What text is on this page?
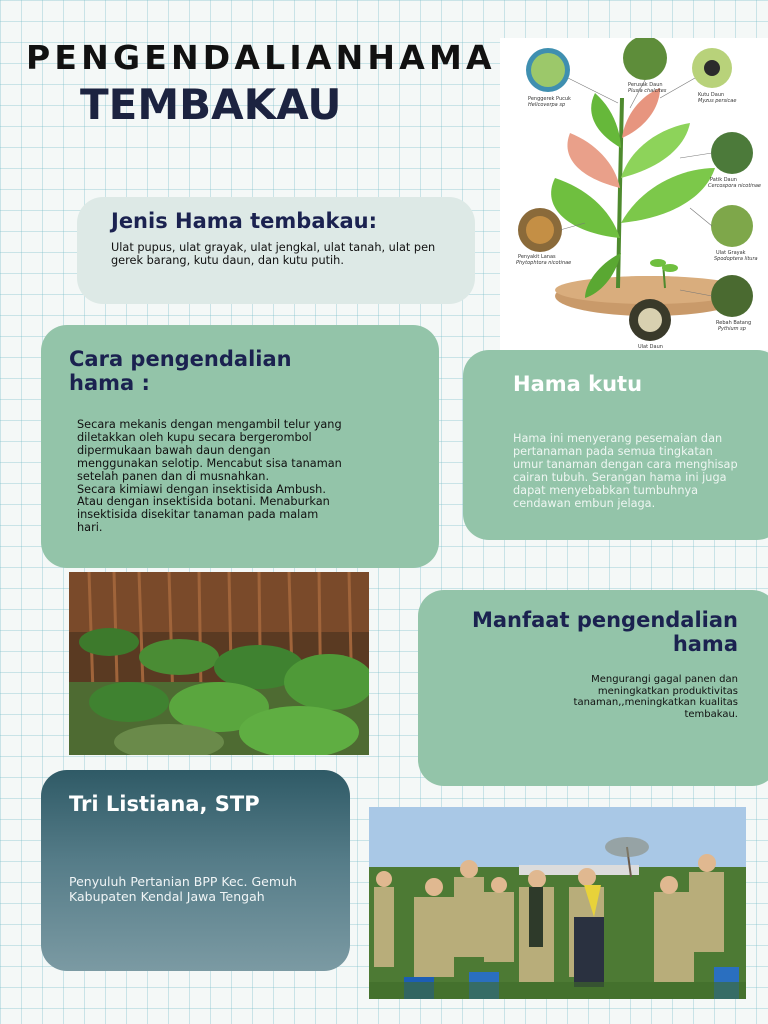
PENGENDALIANHAMA
TEMBAKAU	Penggerek Pucuk
Helicoverpa sp
Perusak Daun
Plusia chalcites
Kutu Daun
Myzus persicae
Patik Daun
Cercospora nicotinae
Penyakit Lanas
Phytophtora nicotinae
Ulat Grayak
Spodoptera litura
Rebah Batang
Pythium sp
Ulat Daun
Jenis Hama tembakau:
Ulat pupus, ulat grayak, ulat jengkal, ulat tanah, ulat pen gerek barang, kutu daun, dan kutu putih.
Cara pengendalian hama :
Secara mekanis dengan mengambil telur yang diletakkan oleh kupu secara bergerombol dipermukaan bawah daun dengan menggunakan selotip. Mencabut sisa tanaman setelah panen dan di musnahkan.
Secara kimiawi dengan insektisida Ambush. Atau dengan insektisida botani. Menaburkan insektisida disekitar tanaman pada malam hari.
Hama kutu
Hama ini menyerang pesemaian dan pertanaman pada semua tingkatan umur tanaman dengan cara menghisap cairan tubuh. Serangan hama ini juga dapat menyebabkan tumbuhnya cendawan embun jelaga.
Manfaat pengendalian hama
Mengurangi gagal panen dan meningkatkan produktivitas tanaman,,meningkatkan kualitas tembakau.
Tri Listiana, STP
Penyuluh Pertanian BPP Kec. Gemuh Kabupaten Kendal Jawa Tengah
